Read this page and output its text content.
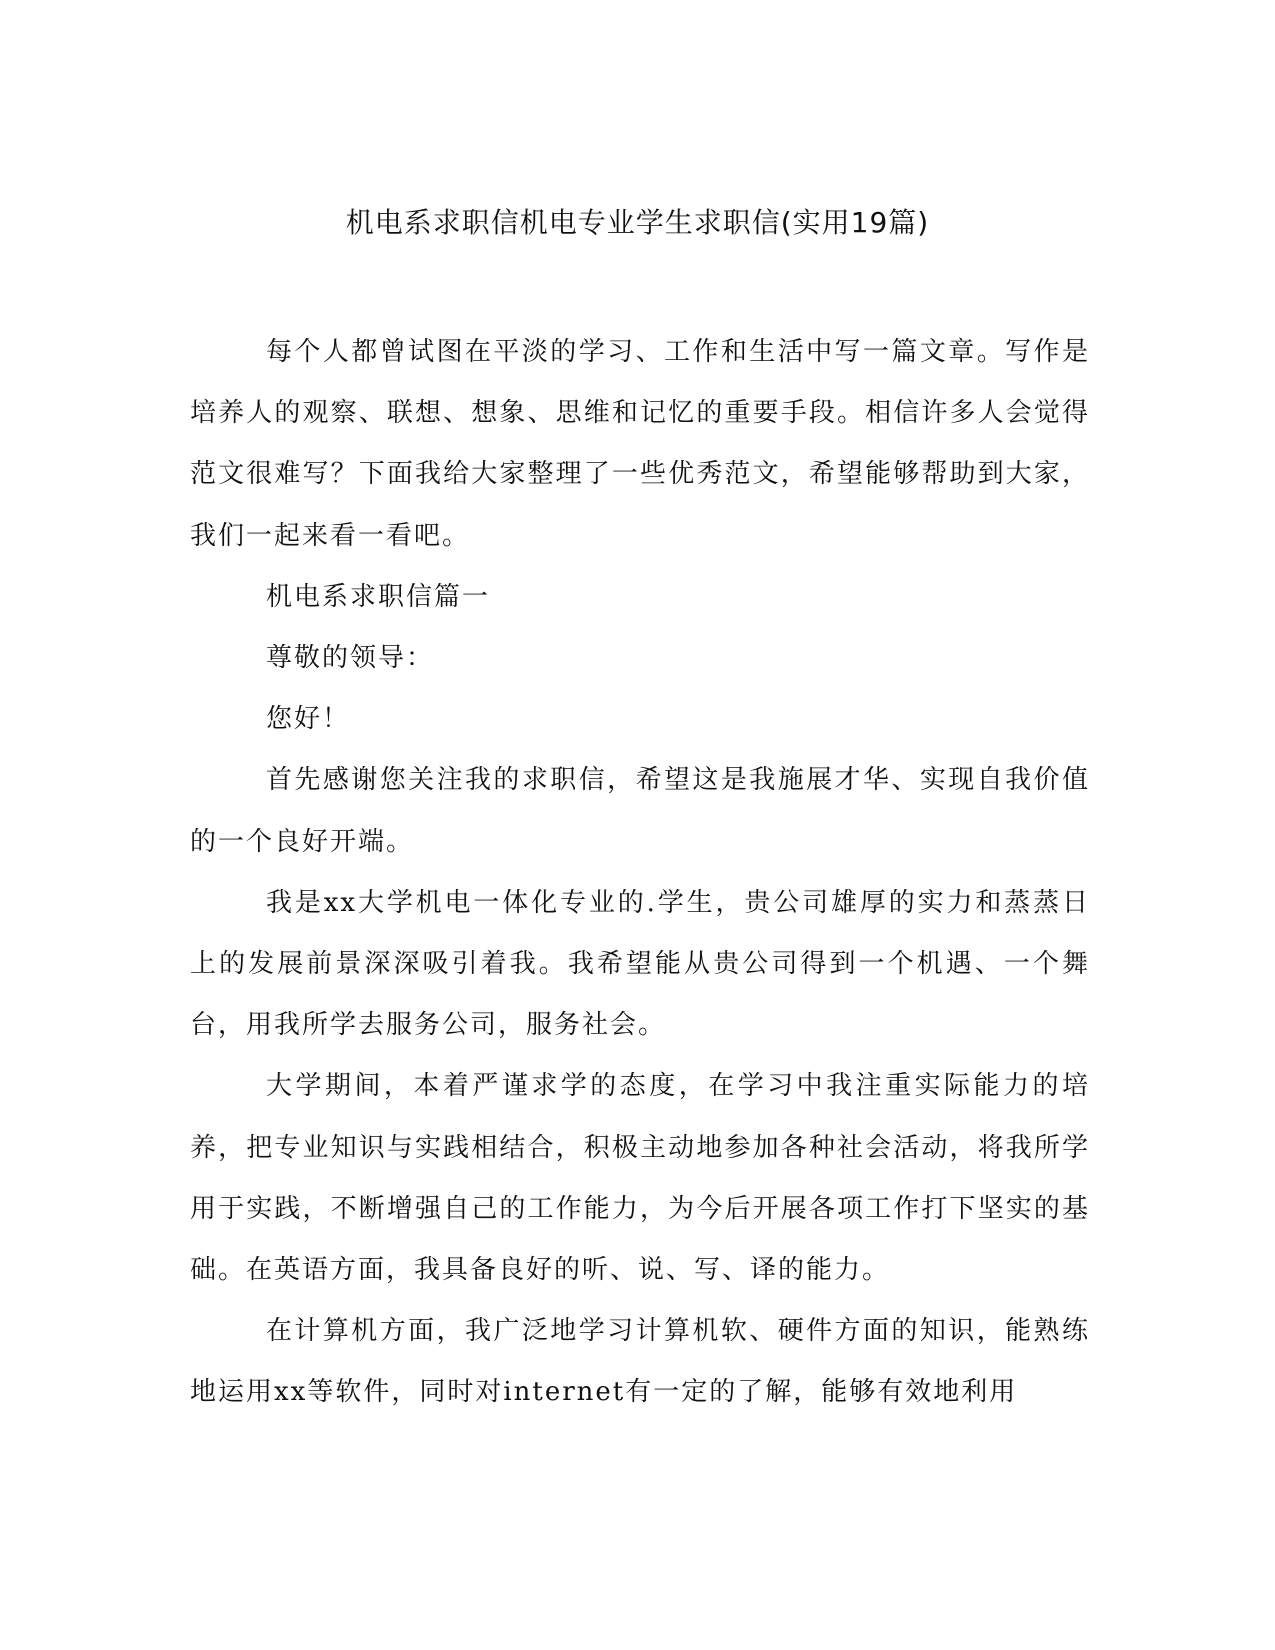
机电系求职信机电专业学生求职信(实用19篇)

每个人都曾试图在平淡的学习、工作和生活中写一篇文章。写作是培养人的观察、联想、想象、思维和记忆的重要手段。相信许多人会觉得范文很难写？下面我给大家整理了一些优秀范文，希望能够帮助到大家，我们一起来看一看吧。

机电系求职信篇一

尊敬的领导：

您好！

首先感谢您关注我的求职信，希望这是我施展才华、实现自我价值的一个良好开端。

我是xx大学机电一体化专业的.学生，贵公司雄厚的实力和蒸蒸日上的发展前景深深吸引着我。我希望能从贵公司得到一个机遇、一个舞台，用我所学去服务公司，服务社会。

大学期间，本着严谨求学的态度，在学习中我注重实际能力的培养，把专业知识与实践相结合，积极主动地参加各种社会活动，将我所学用于实践，不断增强自己的工作能力，为今后开展各项工作打下坚实的基础。在英语方面，我具备良好的听、说、写、译的能力。

在计算机方面，我广泛地学习计算机软、硬件方面的知识，能熟练地运用xx等软件，同时对internet有一定的了解，能够有效地利用
